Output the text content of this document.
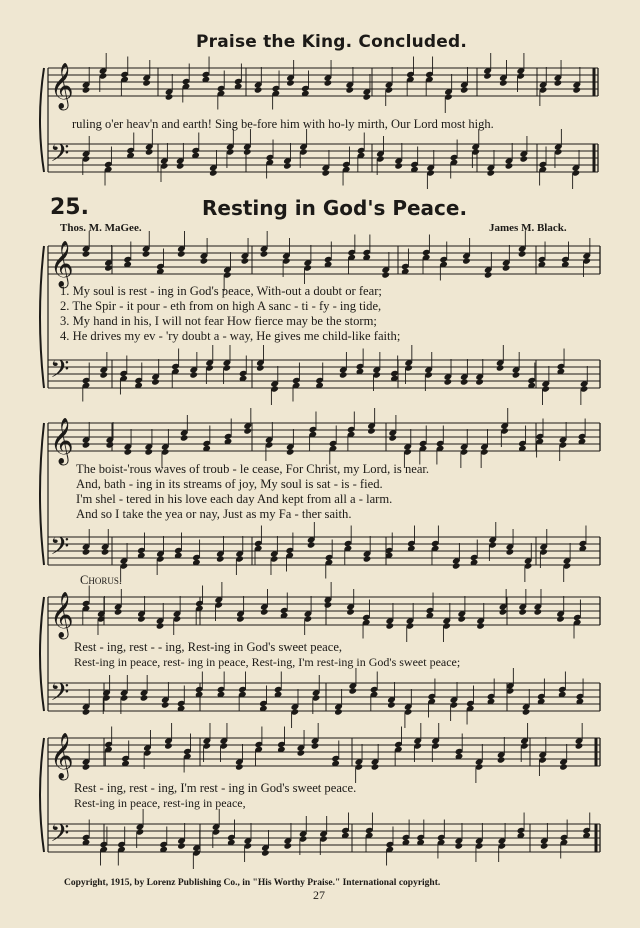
Praise the King. Concluded.
𝄞
𝄢
𝄞
𝄢
𝄞
𝄢
𝄞
𝄢
𝄞
𝄢
ruling o'er heav'n and earth! Sing be-fore him with ho-ly mirth, Our Lord most high.
25.	Resting in God's Peace.
Thos. M. MaGee.	James M. Black.
1. My soul is rest - ing in God's peace, With-out a doubt or fear;
2. The Spir - it pour - eth from on high A sanc - ti - fy - ing tide,
3. My hand in his, I will not fear How fierce may be the storm;
4. He drives my ev - 'ry doubt a - way, He gives me child-like faith;
The boist-'rous waves of troub - le cease, For Christ, my Lord, is near.
And, bath - ing in its streams of joy, My soul is sat - is - fied.
I'm shel - tered in his love each day And kept from all a - larm.
And so I take the yea or nay, Just as my Fa - ther saith.
Chorus.
Rest - ing, rest - - ing, Rest-ing in God's sweet peace,
Rest-ing in peace, rest- ing in peace, Rest-ing, I'm rest-ing in God's sweet peace;
Rest - ing, rest - ing, I'm rest - ing in God's sweet peace.
Rest-ing in peace, rest-ing in peace,
Copyright, 1915, by Lorenz Publishing Co., in "His Worthy Praise." International copyright.
27
